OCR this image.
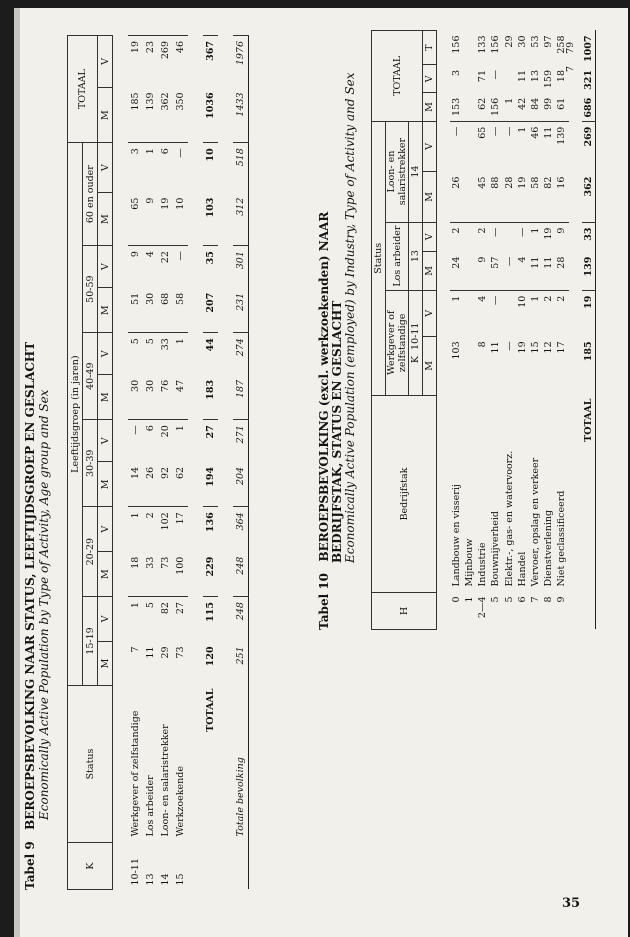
Tabel 9   BEROEPSBEVOLKING NAAR STATUS, LEEFTIJDSGROEP EN GESLACHT Economically Active Population by Type of Activity, Age group and Sex
K	Status	Leeftijdsgroep (in jaren)												TOTAAL	
		15-19		20-29		30-39		40-49		50-59		60 en ouder			
		M	V	M	V	M	V	M	V	M	V	M	V	M	V

10-11	Werkgever of zelfstandige	7	1	18	1	14	—	30	5	51	9	65	3	185	19
13	Los arbeider	11	5	33	2	26	6	30	5	30	4	9	1	139	23
14	Loon- en salaristrekker	29	82	73	102	92	20	76	33	68	22	19	6	362	269
15	Werkzoekende	73	27	100	17	62	1	47	1	58	—	10	—	350	46

	TOTAAL	120	115	229	136	194	27	183	44	207	35	103	10	1036	367

	Totale bevolking	251	248	248	364	204	271	187	274	231	301	312	518	1433	1976
Tabel 10   BEROEPSBEVOLKING (excl. werkzoekenden) NAAR BEDRIJFSTAK, STATUS EN GESLACHT Economically Active Population (employed) by Industry, Type of Activity and Sex
H	Bedrijfstak	Status						TOTAAL		
		Werkgever of zelfstandige		Los arbeider		Loon- en salaristrekker				
		K  10-11		13		14				
		M	V	M	V	M	V	M	V	T

0	Landbouw en visserij	103	1	24	2	26	—	153	3	156
1	Mijnbouw									
2—4	Industrie	8	4	9	2	45	65	62	71	133
5	Bouwnijverheid	11	—	57	—	88	—	156	—	156
5	Elektr.-, gas- en watervoorz.	—		—		28	—	1		29
6	Handel	19	10	4	—	19	1	42	11	30
7	Vervoer, opslag en verkeer	15	1	11	1	58	46	84	13	53
8	Dienstverlening	12	2	11	19	82	11	99	159	97
9	Niet geclassificeerd	17	2	28	9	16	139	61	18	258

	TOTAAL	185	19	139	33	362	269	686	321	1007
7    79
35
